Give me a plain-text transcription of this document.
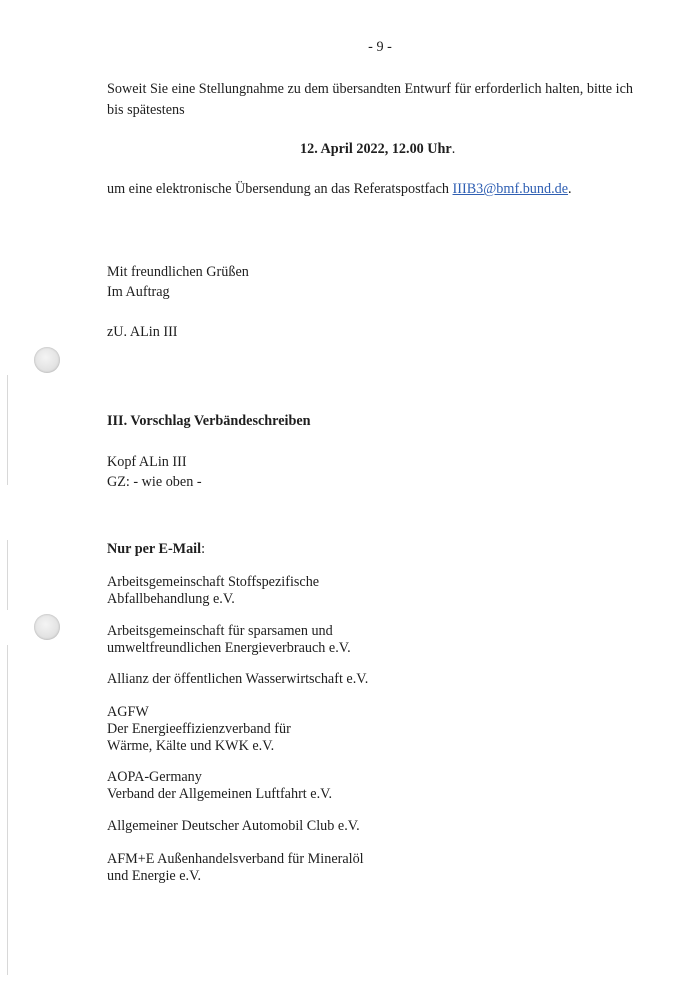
- 9 -
Soweit Sie eine Stellungnahme zu dem übersandten Entwurf für erforderlich halten, bitte ich
bis spätestens
12. April 2022, 12.00 Uhr.
um eine elektronische Übersendung an das Referatspostfach IIIB3@bmf.bund.de.
Mit freundlichen Grüßen
Im Auftrag
zU. ALin III
III. Vorschlag Verbändeschreiben
Kopf ALin III
GZ: - wie oben -
Nur per E-Mail:
Arbeitsgemeinschaft Stoffspezifische
Abfallbehandlung e.V.
Arbeitsgemeinschaft für sparsamen und
umweltfreundlichen Energieverbrauch e.V.
Allianz der öffentlichen Wasserwirtschaft e.V.
AGFW
Der Energieeffizienzverband für
Wärme, Kälte und KWK e.V.
AOPA-Germany
Verband der Allgemeinen Luftfahrt e.V.
Allgemeiner Deutscher Automobil Club e.V.
AFM+E Außenhandelsverband für Mineralöl
und Energie e.V.
